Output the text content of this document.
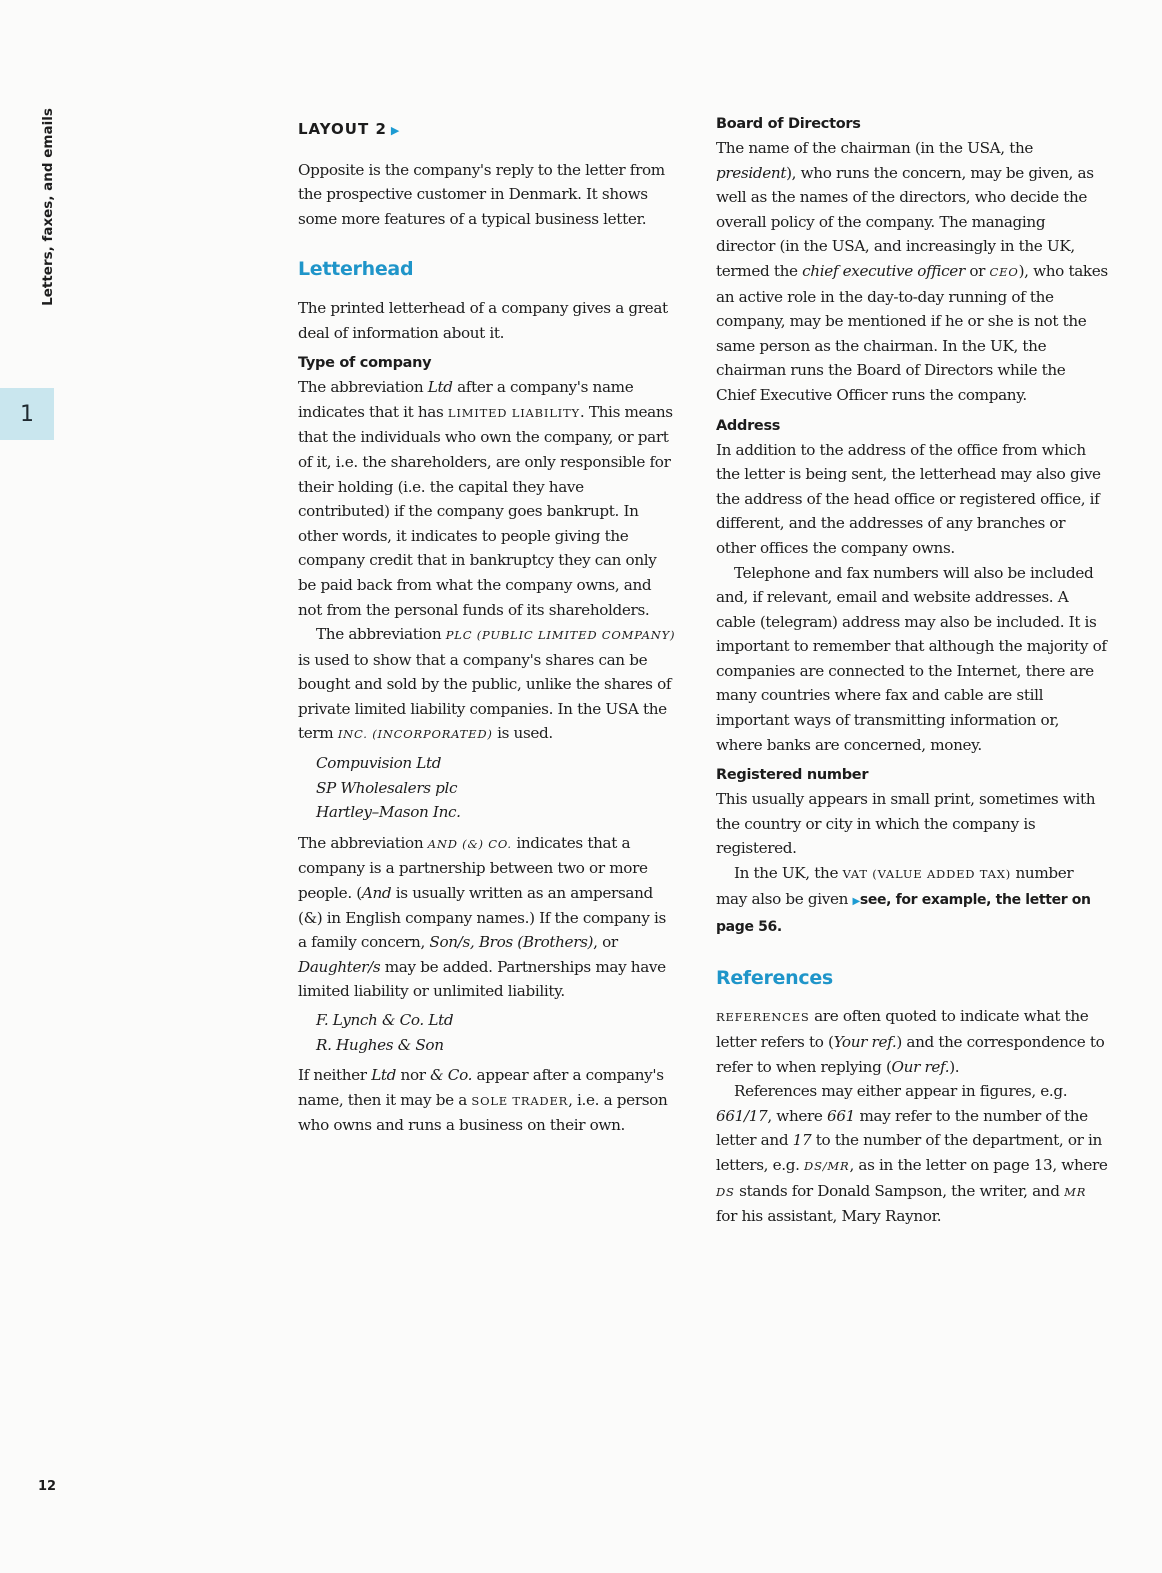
Letters, faxes, and emails
1
12
LAYOUT 2 ▶

Opposite is the company's reply to the letter from the prospective customer in Denmark. It shows some more features of a typical business letter.

Letterhead

The printed letterhead of a company gives a great deal of information about it.

Type of company

The abbreviation Ltd after a company's name indicates that it has LIMITED LIABILITY. This means that the individuals who own the company, or part of it, i.e. the shareholders, are only responsible for their holding (i.e. the capital they have contributed) if the company goes bankrupt. In other words, it indicates to people giving the company credit that in bankruptcy they can only be paid back from what the company owns, and not from the personal funds of its shareholders.

The abbreviation PLC (PUBLIC LIMITED COMPANY) is used to show that a company's shares can be bought and sold by the public, unlike the shares of private limited liability companies. In the USA the term INC. (INCORPORATED) is used.

Compuvision Ltd
SP Wholesalers plc
Hartley–Mason Inc.

The abbreviation AND (&) CO. indicates that a company is a partnership between two or more people. (And is usually written as an ampersand (&) in English company names.) If the company is a family concern, Son/s, Bros (Brothers), or Daughter/s may be added. Partnerships may have limited liability or unlimited liability.

F. Lynch & Co. Ltd
R. Hughes & Son

If neither Ltd nor & Co. appear after a company's name, then it may be a SOLE TRADER, i.e. a person who owns and runs a business on their own.

Board of Directors

The name of the chairman (in the USA, the president), who runs the concern, may be given, as well as the names of the directors, who decide the overall policy of the company. The managing director (in the USA, and increasingly in the UK, termed the chief executive officer or CEO), who takes an active role in the day-to-day running of the company, may be mentioned if he or she is not the same person as the chairman. In the UK, the chairman runs the Board of Directors while the Chief Executive Officer runs the company.

Address

In addition to the address of the office from which the letter is being sent, the letterhead may also give the address of the head office or registered office, if different, and the addresses of any branches or other offices the company owns.

Telephone and fax numbers will also be included and, if relevant, email and website addresses. A cable (telegram) address may also be included. It is important to remember that although the majority of companies are connected to the Internet, there are many countries where fax and cable are still important ways of transmitting information or, where banks are concerned, money.

Registered number

This usually appears in small print, sometimes with the country or city in which the company is registered.

In the UK, the VAT (VALUE ADDED TAX) number may also be given ▶see, for example, the letter on page 56.

References

REFERENCES are often quoted to indicate what the letter refers to (Your ref.) and the correspondence to refer to when replying (Our ref.).

References may either appear in figures, e.g. 661/17, where 661 may refer to the number of the letter and 17 to the number of the department, or in letters, e.g. DS/MR, as in the letter on page 13, where DS stands for Donald Sampson, the writer, and MR for his assistant, Mary Raynor.
